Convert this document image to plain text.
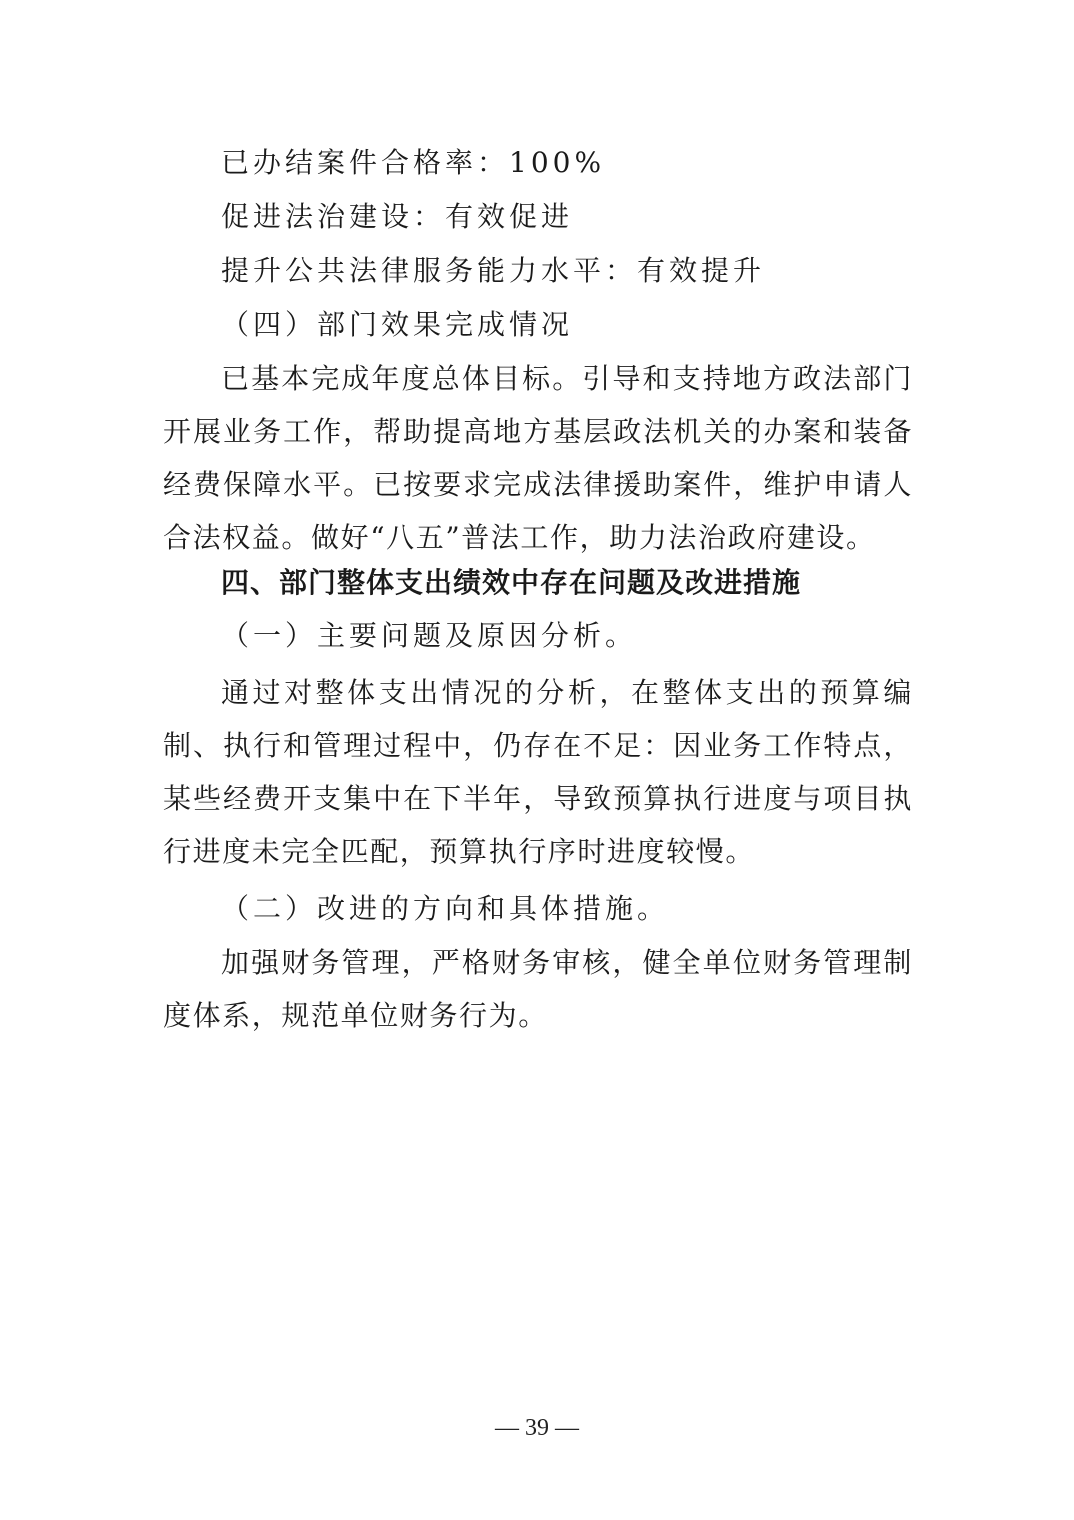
已办结案件合格率：100%

促进法治建设：有效促进

提升公共法律服务能力水平：有效提升

（四）部门效果完成情况

已基本完成年度总体目标。引导和支持地方政法部门开展业务工作，帮助提高地方基层政法机关的办案和装备经费保障水平。已按要求完成法律援助案件，维护申请人合法权益。做好“八五”普法工作，助力法治政府建设。

四、部门整体支出绩效中存在问题及改进措施

（一）主要问题及原因分析。

通过对整体支出情况的分析，在整体支出的预算编制、执行和管理过程中，仍存在不足：因业务工作特点，某些经费开支集中在下半年，导致预算执行进度与项目执行进度未完全匹配，预算执行序时进度较慢。

（二）改进的方向和具体措施。

加强财务管理，严格财务审核，健全单位财务管理制度体系，规范单位财务行为。

— 39 —
